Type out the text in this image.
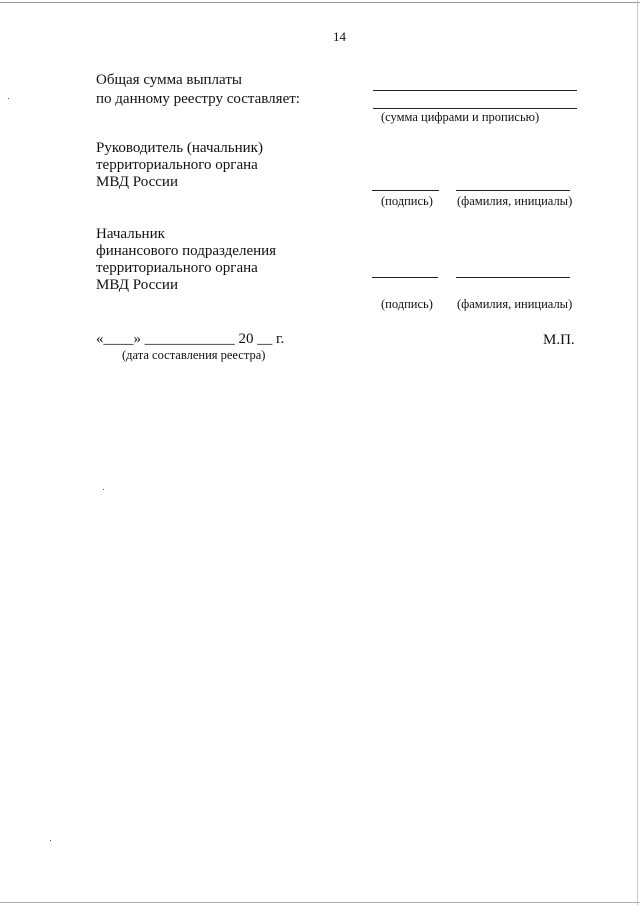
14
Общая сумма выплаты
по данному реестру составляет:
(сумма цифрами и прописью)
Руководитель (начальник)
территориального органа
МВД России
(подпись) (фамилия, инициалы)
Начальник
финансового подразделения
территориального органа
МВД России
(подпись) (фамилия, инициалы)
«____» ____________ 20 __ г.
(дата составления реестра)
М.П.
